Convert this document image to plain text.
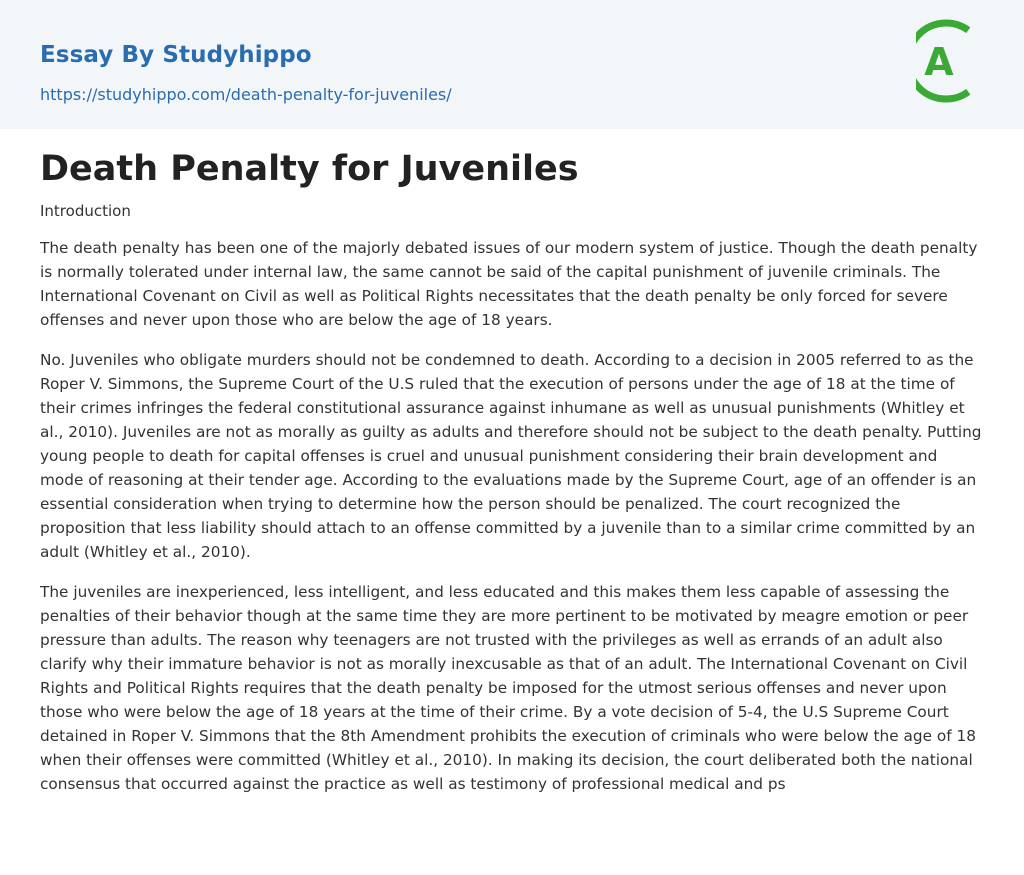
Essay By Studyhippo
https://studyhippo.com/death-penalty-for-juveniles/
A
Death Penalty for Juveniles
Introduction

The death penalty has been one of the majorly debated issues of our modern system of justice. Though the death penalty is normally tolerated under internal law, the same cannot be said of the capital punishment of juvenile criminals. The International Covenant on Civil as well as Political Rights necessitates that the death penalty be only forced for severe offenses and never upon those who are below the age of 18 years.

No. Juveniles who obligate murders should not be condemned to death. According to a decision in 2005 referred to as the Roper V. Simmons, the Supreme Court of the U.S ruled that the execution of persons under the age of 18 at the time of their crimes infringes the federal constitutional assurance against inhumane as well as unusual punishments (Whitley et al., 2010). Juveniles are not as morally as guilty as adults and therefore should not be subject to the death penalty. Putting young people to death for capital offenses is cruel and unusual punishment considering their brain development and mode of reasoning at their tender age. According to the evaluations made by the Supreme Court, age of an offender is an essential consideration when trying to determine how the person should be penalized. The court recognized the proposition that less liability should attach to an offense committed by a juvenile than to a similar crime committed by an adult (Whitley et al., 2010).

The juveniles are inexperienced, less intelligent, and less educated and this makes them less capable of assessing the penalties of their behavior though at the same time they are more pertinent to be motivated by meagre emotion or peer pressure than adults. The reason why teenagers are not trusted with the privileges as well as errands of an adult also clarify why their immature behavior is not as morally inexcusable as that of an adult. The International Covenant on Civil Rights and Political Rights requires that the death penalty be imposed for the utmost serious offenses and never upon those who were below the age of 18 years at the time of their crime. By a vote decision of 5-4, the U.S Supreme Court detained in Roper V. Simmons that the 8th Amendment prohibits the execution of criminals who were below the age of 18 when their offenses were committed (Whitley et al., 2010). In making its decision, the court deliberated both the national consensus that occurred against the practice as well as testimony of professional medical and ps
